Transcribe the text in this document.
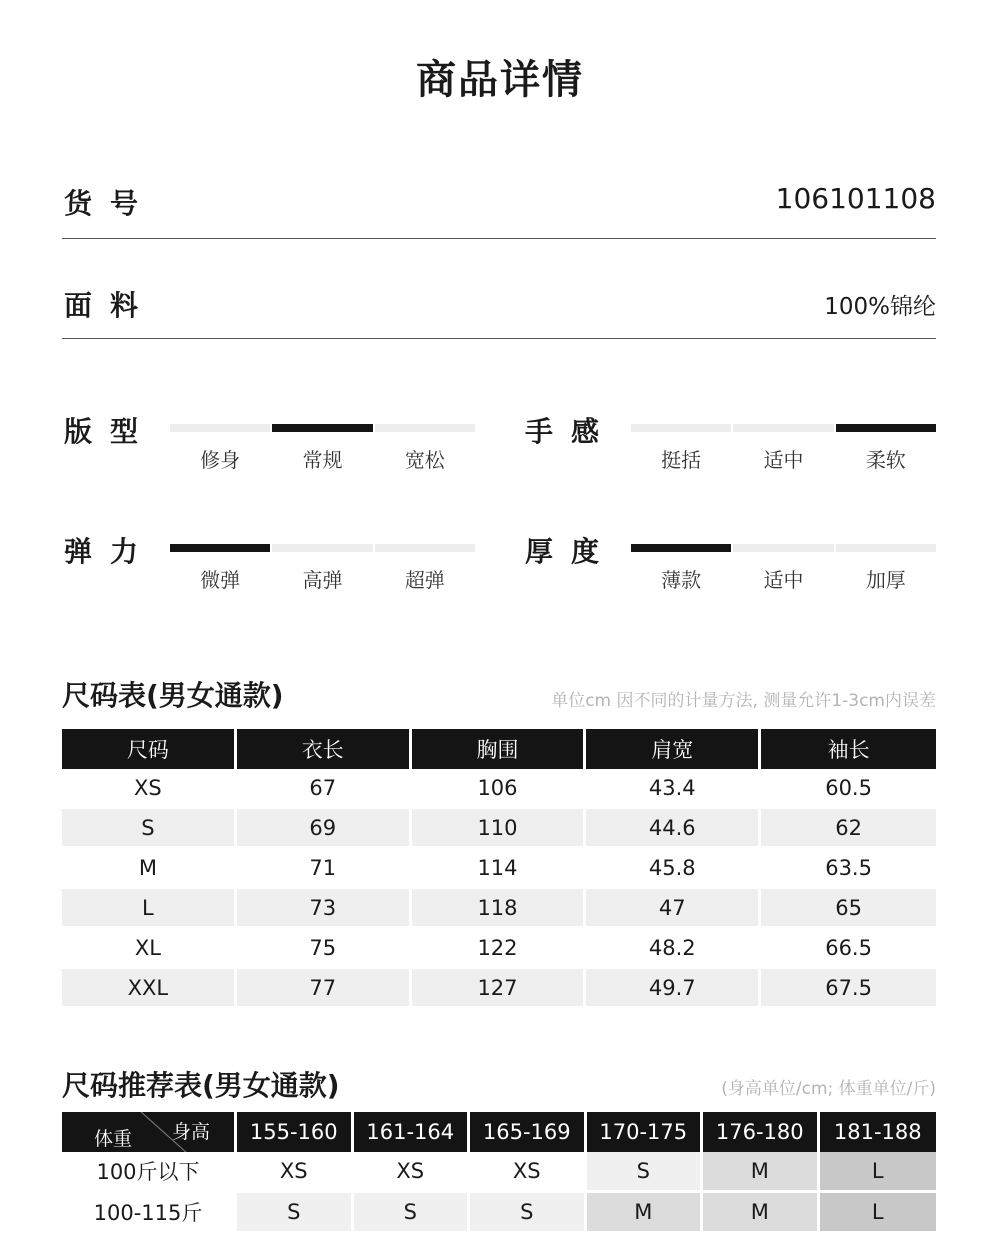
商品详情
货号	106101108
面料	100%锦纶
版型
修身	常规	宽松
手感
挺括	适中	柔软
弹力
微弹	高弹	超弹
厚度
薄款	适中	加厚
尺码表(男女通款)	单位cm 因不同的计量方法, 测量允许1-3cm内误差
尺码	衣长	胸围	肩宽	袖长
XS	67	106	43.4	60.5
S	69	110	44.6	62
M	71	114	45.8	63.5
L	73	118	47	65
XL	75	122	48.2	66.5
XXL	77	127	49.7	67.5
尺码推荐表(男女通款)	(身高单位/cm; 体重单位/斤)
身高
体重	155-160	161-164	165-169	170-175	176-180	181-188
100斤以下	XS	XS	XS	S	M	L
100-115斤	S	S	S	M	M	L
